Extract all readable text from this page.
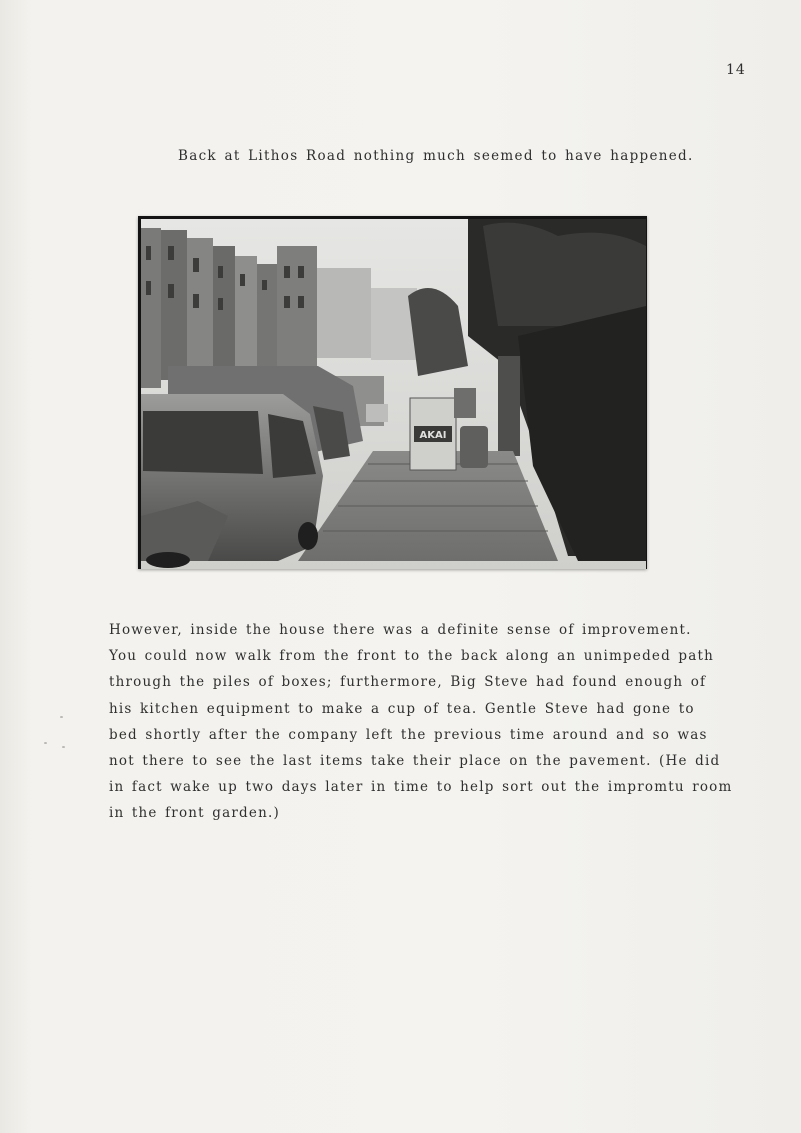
14
Back at Lithos Road nothing much seemed to have happened.
AKAI
However, inside the house there was a definite sense of improvement.
You could now walk from the front to the back along an unimpeded path
through the piles of boxes; furthermore, Big Steve had found enough of
his kitchen equipment to make a cup of tea. Gentle Steve had gone to
bed shortly after the company left the previous time around and so was
not there to see the last items take their place on the pavement. (He did
in fact wake up two days later in time to help sort out the impromtu room
in the front garden.)
